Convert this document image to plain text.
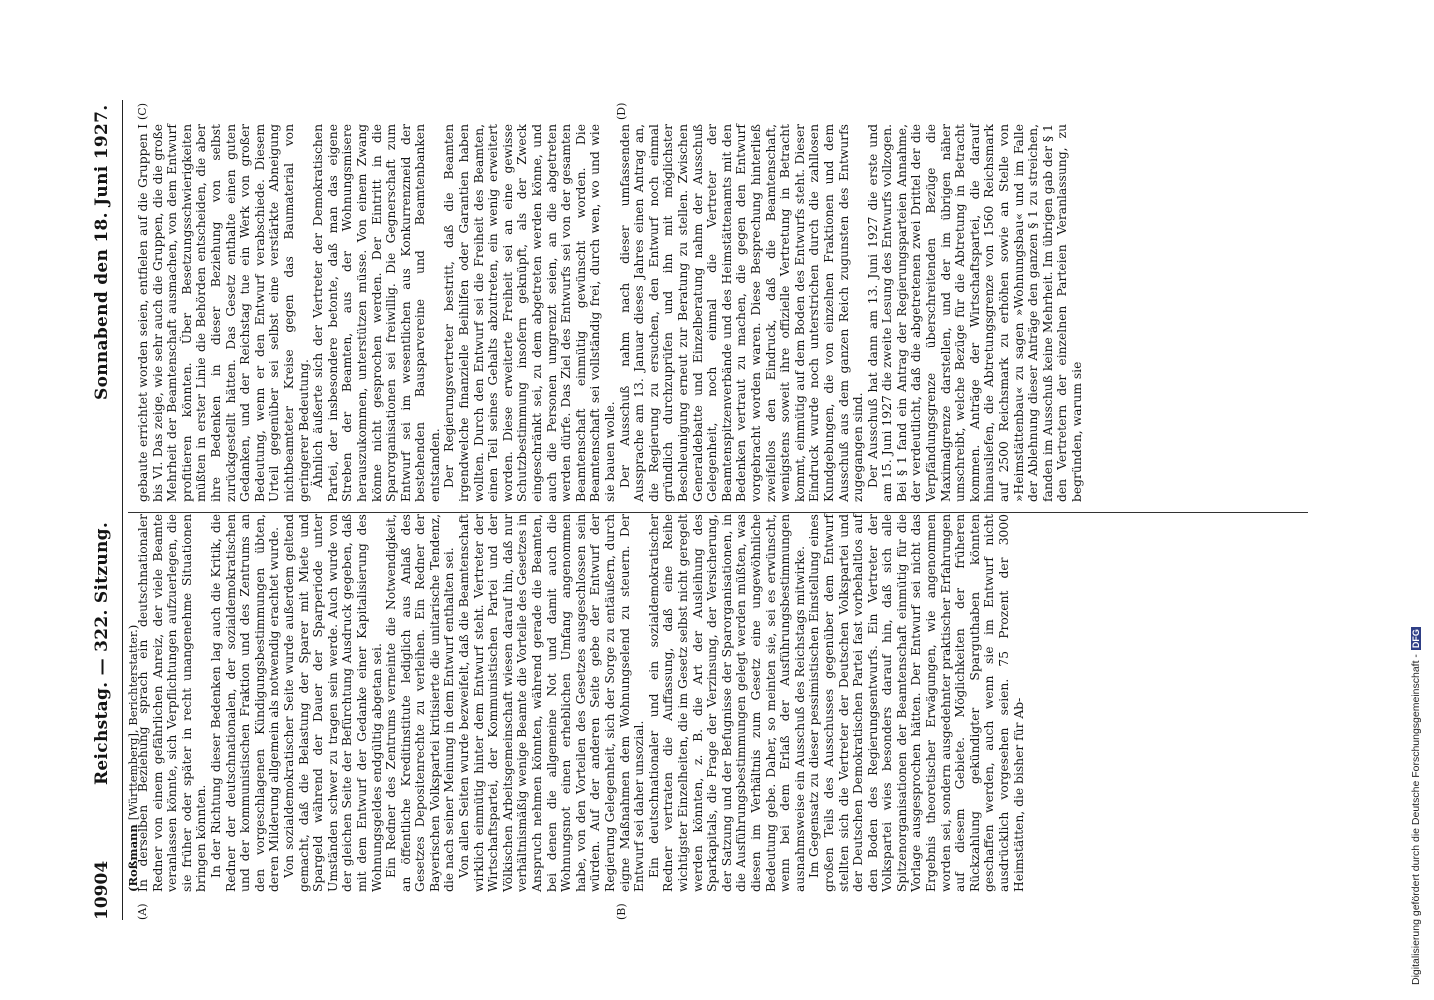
10904
Reichstag. — 322. Sitzung.
Sonnabend den 18. Juni 1927.
(Roßmann [Württemberg], Berichterstatter.)
(A)	(B)
(C)	(D)

In derselben Beziehung sprach ein deutschnationaler Redner von einem gefährlichen Anreiz, der viele Beamte veranlassen könnte, sich Verpflichtungen aufzuerlegen, die sie früher oder später in recht unangenehme Situationen bringen könnten. In der Richtung dieser Bedenken lag auch die Kritik, die Redner der deutschnationalen, der sozialdemokratischen und der kommunistischen Fraktion und des Zentrums an den vorgeschlagenen Kündigungsbestimmungen übten, deren Milderung allgemein als notwendig erachtet wurde. Von sozialdemokratischer Seite wurde außerdem geltend gemacht, daß die Belastung der Sparer mit Miete und Spargeld während der Dauer der Sparperiode unter Umständen schwer zu tragen sein werde. Auch wurde von der gleichen Seite der Befürchtung Ausdruck gegeben, daß mit dem Entwurf der Gedanke einer Kapitalisierung des Wohnungsgeldes endgültig abgetan sei. Ein Redner des Zentrums verneinte die Notwendigkeit, an öffentliche Kreditinstitute lediglich aus Anlaß des Gesetzes Depositenrechte zu verleihen. Ein Redner der Bayerischen Volkspartei kritisierte die unitarische Tendenz, die nach seiner Meinung in dem Entwurf enthalten sei. Von allen Seiten wurde bezweifelt, daß die Beamtenschaft wirklich einmütig hinter dem Entwurf steht. Vertreter der Wirtschaftspartei, der Kommunistischen Partei und der Völkischen Arbeitsgemeinschaft wiesen darauf hin, daß nur verhältnismäßig wenige Beamte die Vorteile des Gesetzes in Anspruch nehmen könnten, während gerade die Beamten, bei denen die allgemeine Not und damit auch die Wohnungsnot einen erheblichen Umfang angenommen habe, von den Vorteilen des Gesetzes ausgeschlossen sein würden. Auf der anderen Seite gebe der Entwurf der Regierung Gelegenheit, sich der Sorge zu entäußern, durch eigne Maßnahmen dem Wohnungselend zu steuern. Der Entwurf sei daher unsozial. Ein deutschnationaler und ein sozialdemokratischer Redner vertraten die Auffassung, daß eine Reihe wichtigster Einzelheiten, die im Gesetz selbst nicht geregelt werden könnten, z. B. die Art der Ausleihung des Sparkapitals, die Frage der Verzinsung, der Versicherung, der Satzung und der Befugnisse der Sparorganisationen, in die Ausführungsbestimmungen gelegt werden müßten, was diesen im Verhältnis zum Gesetz eine ungewöhnliche Bedeutung gebe. Daher, so meinten sie, sei es erwünscht, wenn bei dem Erlaß der Ausführungsbestimmungen ausnahmsweise ein Ausschuß des Reichstags mitwirke. Im Gegensatz zu dieser pessimistischen Einstellung eines großen Teils des Ausschusses gegenüber dem Entwurf stellten sich die Vertreter der Deutschen Volkspartei und der Deutschen Demokratischen Partei fast vorbehaltlos auf den Boden des Regierungsentwurfs. Ein Vertreter der Volkspartei wies besonders darauf hin, daß sich alle Spitzenorganisationen der Beamtenschaft einmütig für die Vorlage ausgesprochen hätten. Der Entwurf sei nicht das Ergebnis theoretischer Erwägungen, wie angenommen worden sei, sondern ausgedehnter praktischer Erfahrungen auf diesem Gebiete. Möglichkeiten der früheren Rückzahlung gekündigter Sparguthaben könnten geschaffen werden, auch wenn sie im Entwurf nicht ausdrücklich vorgesehen seien. 75 Prozent der 3000 Heimstätten, die bisher für Ab-

gebaute errichtet worden seien, entfielen auf die Gruppen I bis VI. Das zeige, wie sehr auch die Gruppen, die die große Mehrheit der Beamtenschaft ausmachen, von dem Entwurf profitieren könnten. Über Besetzungsschwierigkeiten müßten in erster Linie die Behörden entscheiden, die aber ihre Bedenken in dieser Beziehung von selbst zurückgestellt hätten. Das Gesetz enthalte einen guten Gedanken, und der Reichstag tue ein Werk von großer Bedeutung, wenn er den Entwurf verabschiede. Diesem Urteil gegenüber sei selbst eine verstärkte Abneigung nichtbeamteter Kreise gegen das Baumaterial von geringerer Bedeutung. Ähnlich äußerte sich der Vertreter der Demokratischen Partei, der insbesondere betonte, daß man das eigene Streben der Beamten, aus der Wohnungsmisere herauszukommen, unterstützen müsse. Von einem Zwang könne nicht gesprochen werden. Der Eintritt in die Sparorganisationen sei freiwillig. Die Gegnerschaft zum Entwurf sei im wesentlichen aus Konkurrenzneid der bestehenden Bausparvereine und Beamtenbanken entstanden. Der Regierungsvertreter bestritt, daß die Beamten irgendwelche finanzielle Beihilfen oder Garantien haben wollten. Durch den Entwurf sei die Freiheit des Beamten, einen Teil seines Gehalts abzutreten, ein wenig erweitert worden. Diese erweiterte Freiheit sei an eine gewisse Schutzbestimmung insofern geknüpft, als der Zweck eingeschränkt sei, zu dem abgetreten werden könne, und auch die Personen umgrenzt seien, an die abgetreten werden dürfe. Das Ziel des Entwurfs sei von der gesamten Beamtenschaft einmütig gewünscht worden. Die Beamtenschaft sei vollständig frei, durch wen, wo und wie sie bauen wolle. Der Ausschuß nahm nach dieser umfassenden Aussprache am 13. Januar dieses Jahres einen Antrag an, die Regierung zu ersuchen, den Entwurf noch einmal gründlich durchzuprüfen und ihn mit möglichster Beschleunigung erneut zur Beratung zu stellen. Zwischen Generaldebatte und Einzelberatung nahm der Ausschuß Gelegenheit, noch einmal die Vertreter der Beamtenspitzenverbände und des Heimstättenamts mit den Bedenken vertraut zu machen, die gegen den Entwurf vorgebracht worden waren. Diese Besprechung hinterließ zweifellos den Eindruck, daß die Beamtenschaft, wenigstens soweit ihre offizielle Vertretung in Betracht kommt, einmütig auf dem Boden des Entwurfs steht. Dieser Eindruck wurde noch unterstrichen durch die zahllosen Kundgebungen, die von einzelnen Fraktionen und dem Ausschuß aus dem ganzen Reich zugunsten des Entwurfs zugegangen sind. Der Ausschuß hat dann am 13. Juni 1927 die erste und am 15. Juni 1927 die zweite Lesung des Entwurfs vollzogen. Bei § 1 fand ein Antrag der Regierungsparteien Annahme, der verdeutlicht, daß die abgetretenen zwei Drittel der die Verpfändungsgrenze überschreitenden Bezüge die Maximalgrenze darstellen, und der im übrigen näher umschreibt, welche Bezüge für die Abtretung in Betracht kommen. Anträge der Wirtschaftspartei, die darauf hinausliefen, die Abtretungsgrenze von 1560 Reichsmark auf 2500 Reichsmark zu erhöhen sowie an Stelle von »Heimstättenbau« zu sagen »Wohnungsbau« und im Falle der Ablehnung dieser Anträge den ganzen § 1 zu streichen, fanden im Ausschuß keine Mehrheit. Im übrigen gab der § 1 den Vertretern der einzelnen Parteien Veranlassung, zu begründen, warum sie

Digitalisierung gefördert durch die Deutsche Forschungsgemeinschaft -DFG
